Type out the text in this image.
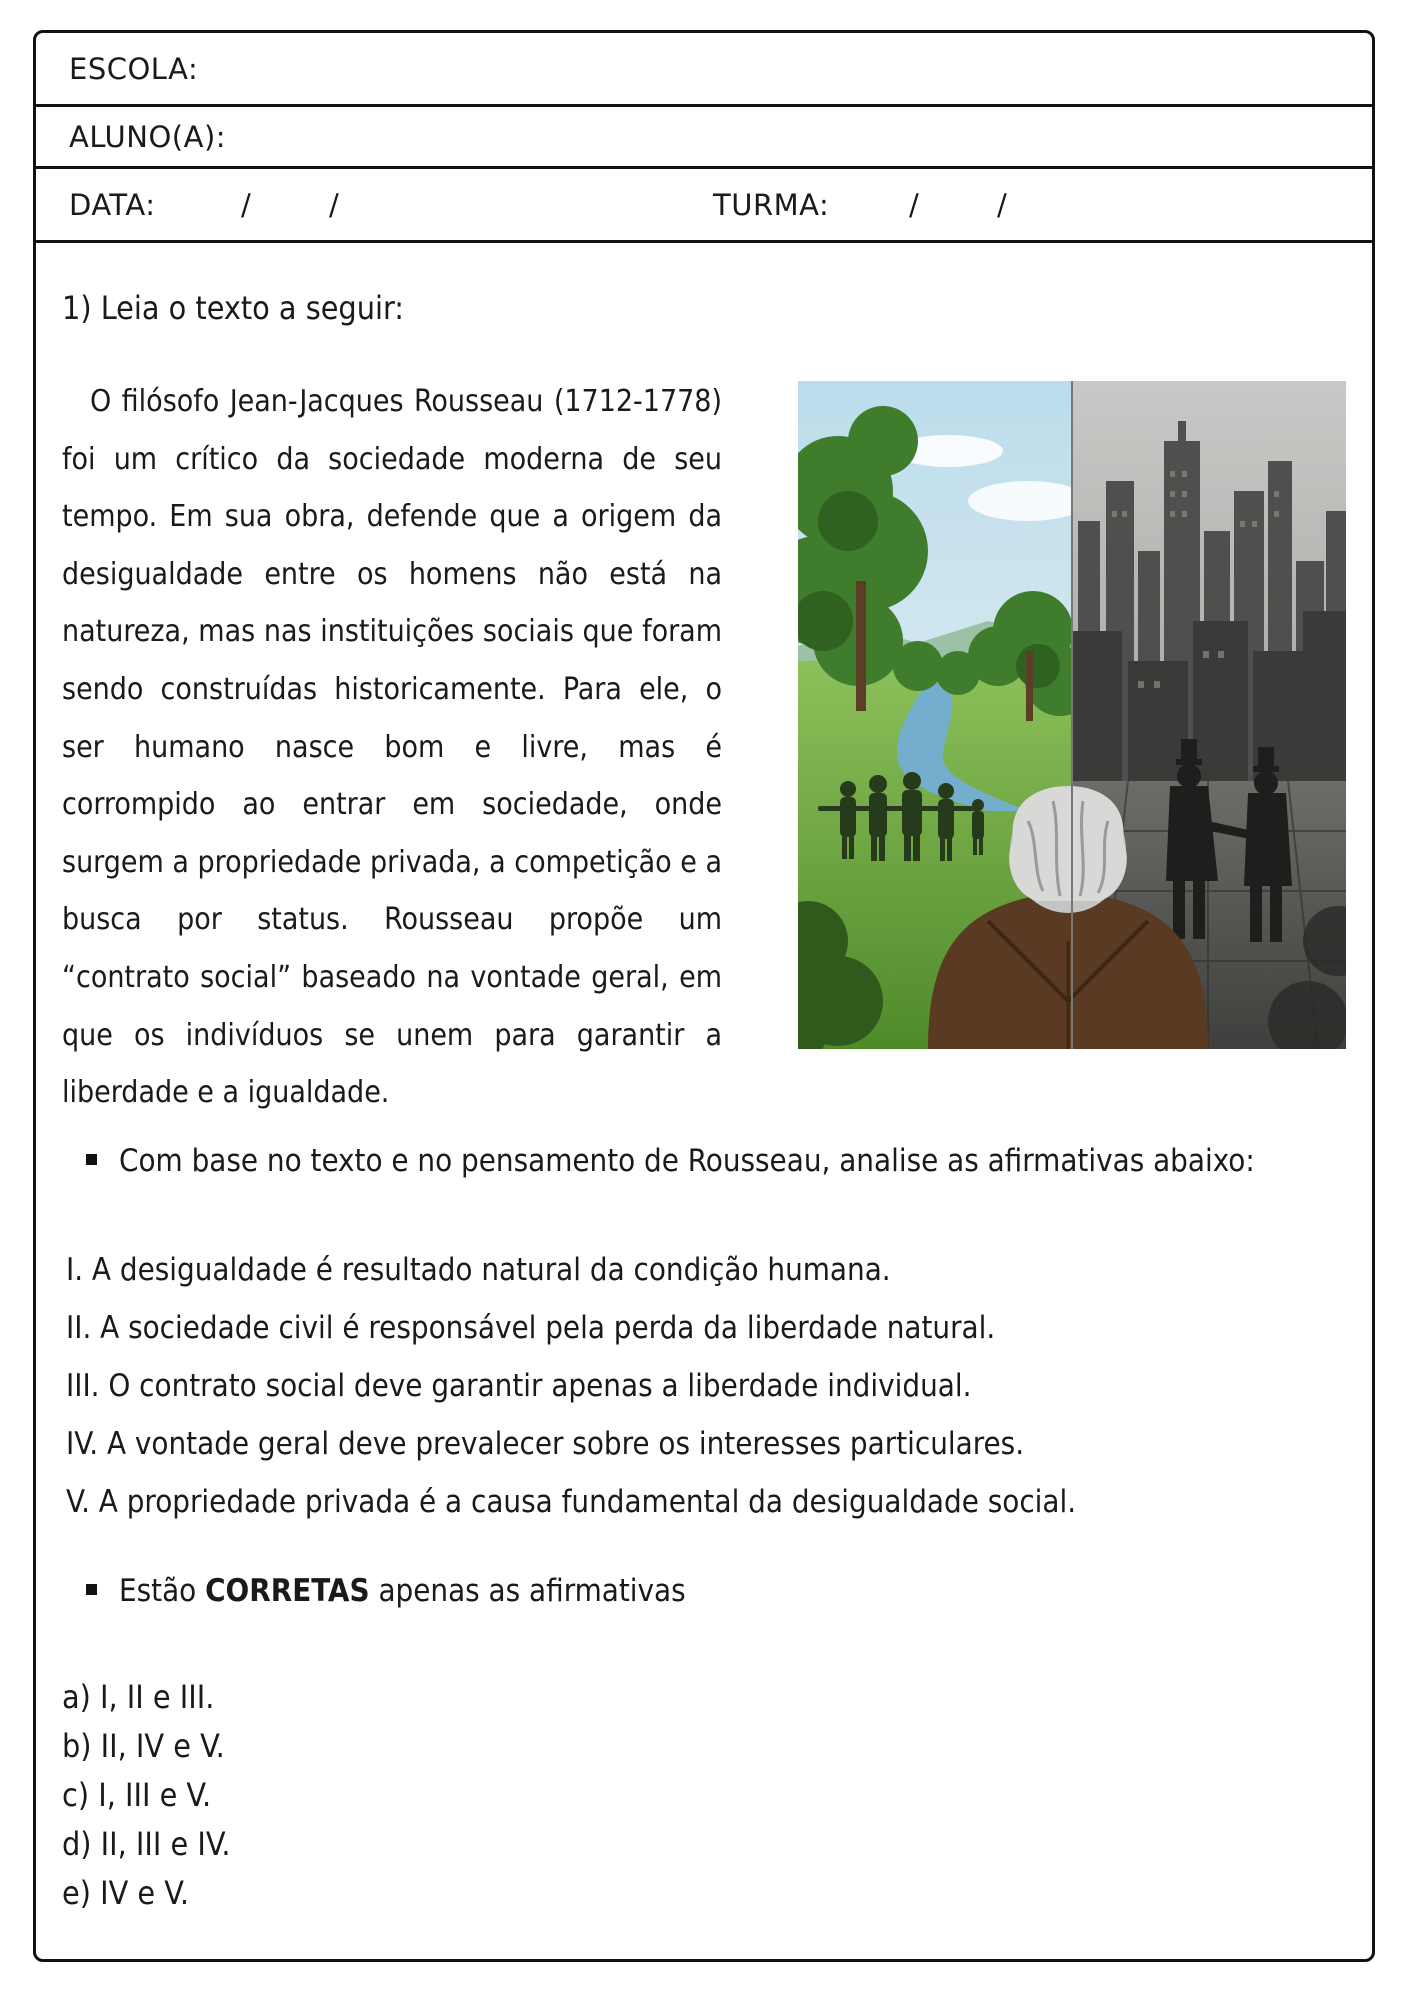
ESCOLA:
ALUNO(A):
DATA:	/        /	TURMA:	/        /
1) Leia o texto a seguir:

O filósofo Jean-Jacques Rousseau (1712-1778) foi um crítico da sociedade moderna de seu tempo. Em sua obra, defende que a origem da desigualdade entre os homens não está na natureza, mas nas instituições sociais que foram sendo construídas historicamente. Para ele, o ser humano nasce bom e livre, mas é corrompido ao entrar em sociedade, onde surgem a propriedade privada, a competição e a busca por status. Rousseau propõe um “contrato social” baseado na vontade geral, em que os indivíduos se unem para garantir a liberdade e a igualdade.

Com base no texto e no pensamento de Rousseau, analise as afirmativas abaixo:
I. A desigualdade é resultado natural da condição humana.
II. A sociedade civil é responsável pela perda da liberdade natural.
III. O contrato social deve garantir apenas a liberdade individual.
IV. A vontade geral deve prevalecer sobre os interesses particulares.
V. A propriedade privada é a causa fundamental da desigualdade social.
Estão CORRETAS apenas as afirmativas
a) I, II e III.
b) II, IV e V.
c) I, III e V.
d) II, III e IV.
e) IV e V.
